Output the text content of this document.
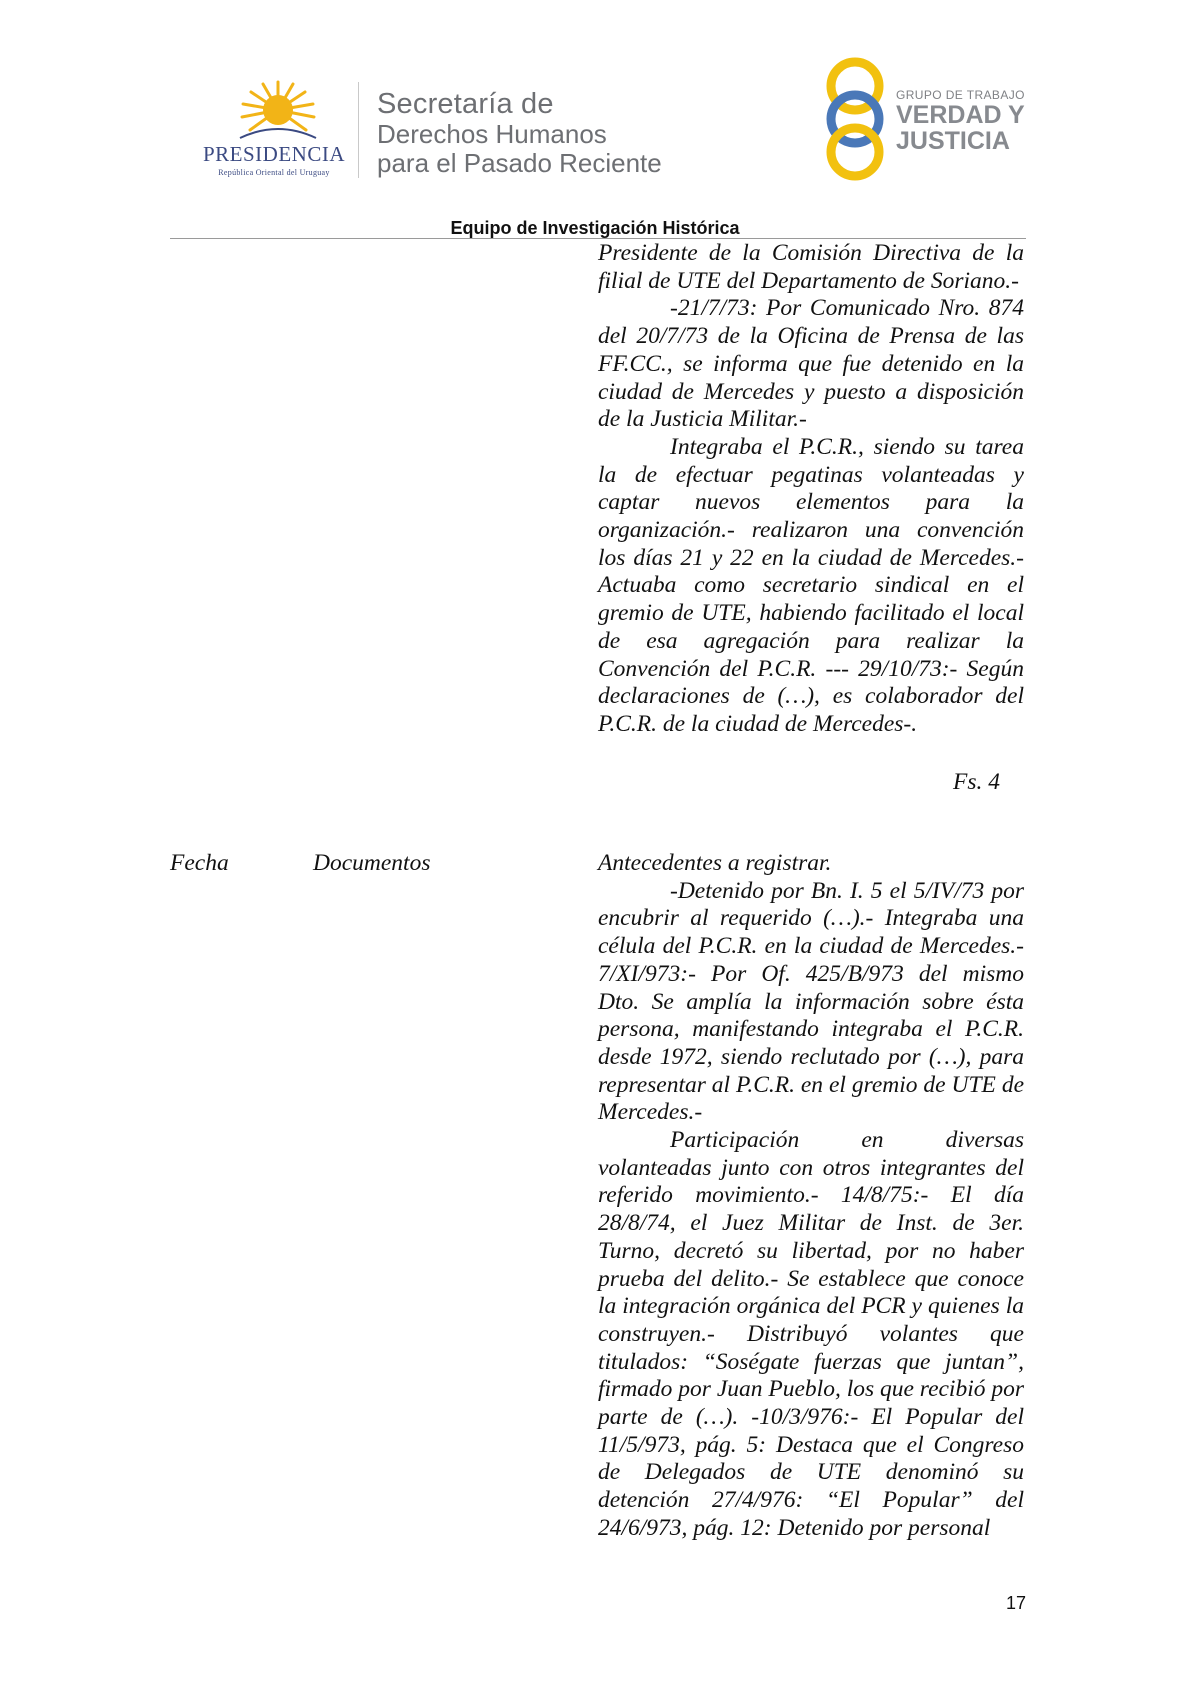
PRESIDENCIA
República Oriental del Uruguay
Secretaría de
Derechos Humanos
para el Pasado Reciente
GRUPO DE TRABAJO
VERDAD Y
JUSTICIA
Equipo de Investigación Histórica

Presidente de la Comisión Directiva de la filial de UTE del Departamento de Soriano.-

-21/7/73: Por Comunicado Nro. 874 del 20/7/73 de la Oficina de Prensa de las FF.CC., se informa que fue detenido en la ciudad de Mercedes y puesto a disposición de la Justicia Militar.-

Integraba el P.C.R., siendo su tarea la de efectuar pegatinas volanteadas y captar nuevos elementos para la organización.- realizaron una convención los días 21 y 22 en la ciudad de Mercedes.- Actuaba como secretario sindical en el gremio de UTE, habiendo facilitado el local de esa agregación para realizar la Convención del P.C.R. --- 29/10/73:- Según declaraciones de (…), es colaborador del P.C.R. de la ciudad de Mercedes-.

Fs. 4
Fecha	Documentos	Antecedentes a registrar.

-Detenido por Bn. I. 5 el 5/IV/73 por encubrir al requerido (…).- Integraba una célula del P.C.R. en la ciudad de Mercedes.- 7/XI/973:- Por Of. 425/B/973 del mismo Dto. Se amplía la información sobre ésta persona, manifestando integraba el P.C.R. desde 1972, siendo reclutado por (…), para representar al P.C.R. en el gremio de UTE de Mercedes.-

Participación en diversas volanteadas junto con otros integrantes del referido movimiento.- 14/8/75:- El día 28/8/74, el Juez Militar de Inst. de 3er. Turno, decretó su libertad, por no haber prueba del delito.- Se establece que conoce la integración orgánica del PCR y quienes la construyen.- Distribuyó volantes que titulados: “Soségate fuerzas que juntan”, firmado por Juan Pueblo, los que recibió por parte de (…). -10/3/976:- El Popular del 11/5/973, pág. 5: Destaca que el Congreso de Delegados de UTE denominó su detención 27/4/976: “El Popular” del 24/6/973, pág. 12: Detenido por personal

17
